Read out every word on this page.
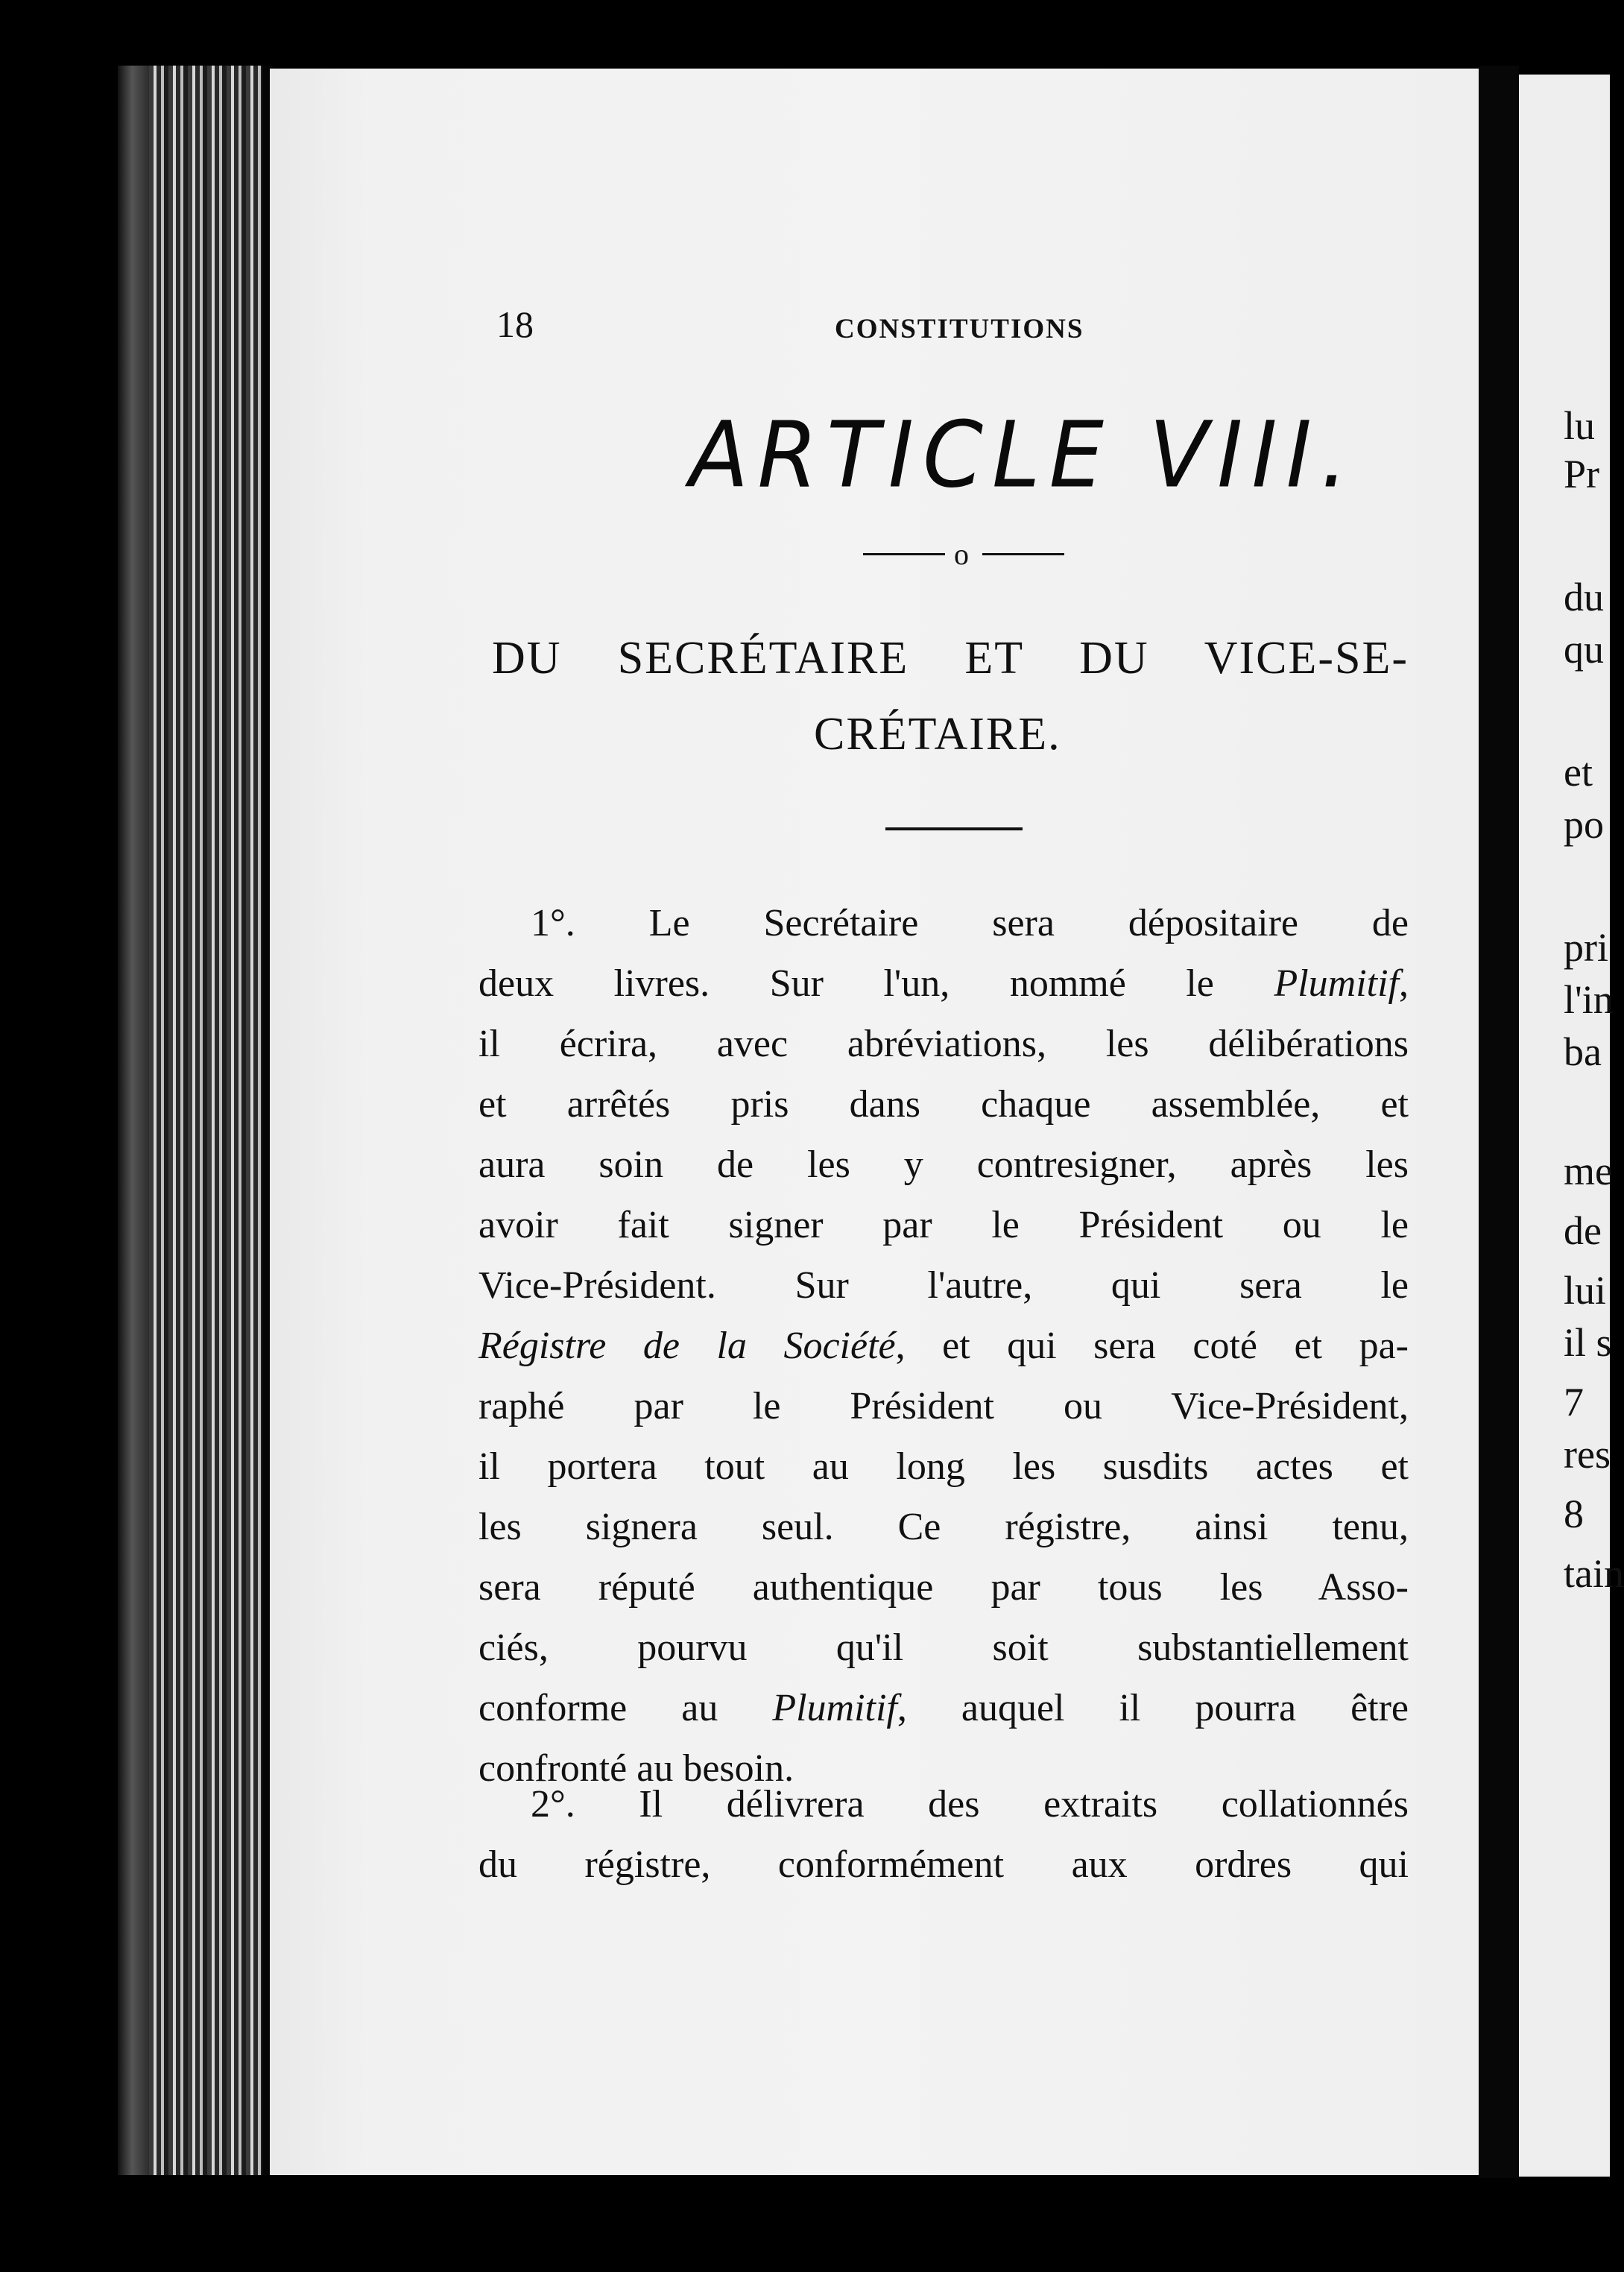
lu
Pr
du
qu
et
po
pri
l'in
ba
me
de
lui
il s
7
res
8
tain
18	CONSTITUTIONS
ARTICLE VIII.
o
DU SECRÉTAIRE ET DU VICE-SE-
CRÉTAIRE.
1°. Le Secrétaire sera dépositaire de
deux livres. Sur l'un, nommé le Plumitif,
il écrira, avec abréviations, les délibérations
et arrêtés pris dans chaque assemblée, et
aura soin de les y contresigner, après les
avoir fait signer par le Président ou le
Vice-Président. Sur l'autre, qui sera le
Régistre de la Société, et qui sera coté et pa-
raphé par le Président ou Vice-Président,
il portera tout au long les susdits actes et
les signera seul. Ce régistre, ainsi tenu,
sera réputé authentique par tous les Asso-
ciés, pourvu qu'il soit substantiellement
conforme au Plumitif, auquel il pourra être
confronté au besoin.
2°. Il délivrera des extraits collationnés
du régistre, conformément aux ordres qui
